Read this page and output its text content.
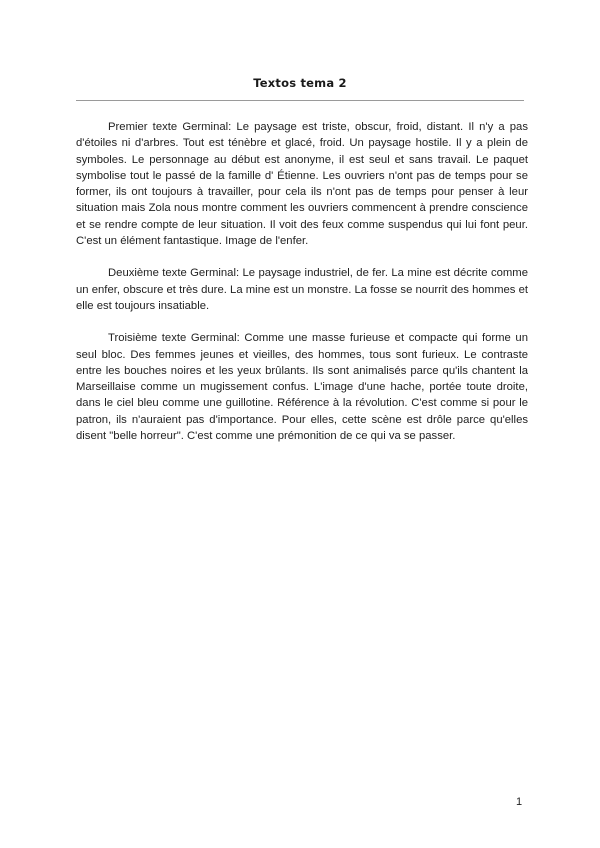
Textos tema 2

Premier texte Germinal: Le paysage est triste, obscur, froid, distant. Il n'y a pas d'étoiles ni d'arbres. Tout est ténèbre et glacé, froid. Un paysage hostile. Il y a plein de symboles. Le personnage au début est anonyme, il est seul et sans travail. Le paquet symbolise tout le passé de la famille d' Étienne. Les ouvriers n'ont pas de temps pour se former, ils ont toujours à travailler, pour cela ils n'ont pas de temps pour penser à leur situation mais Zola nous montre comment les ouvriers commencent à prendre conscience et se rendre compte de leur situation. Il voit des feux comme suspendus qui lui font peur. C'est un élément fantastique. Image de l'enfer.

Deuxième texte Germinal: Le paysage industriel, de fer. La mine est décrite comme un enfer, obscure et très dure. La mine est un monstre. La fosse se nourrit des hommes et elle est toujours insatiable.

Troisième texte Germinal: Comme une masse furieuse et compacte qui forme un seul bloc. Des femmes jeunes et vieilles, des hommes, tous sont furieux. Le contraste entre les bouches noires et les yeux brûlants. Ils sont animalisés parce qu'ils chantent la Marseillaise comme un mugissement confus. L'image d'une hache, portée toute droite, dans le ciel bleu comme une guillotine. Référence à la révolution. C'est comme si pour le patron, ils n'auraient pas d'importance. Pour elles, cette scène est drôle parce qu'elles disent "belle horreur". C'est comme une prémonition de ce qui va se passer.

1
